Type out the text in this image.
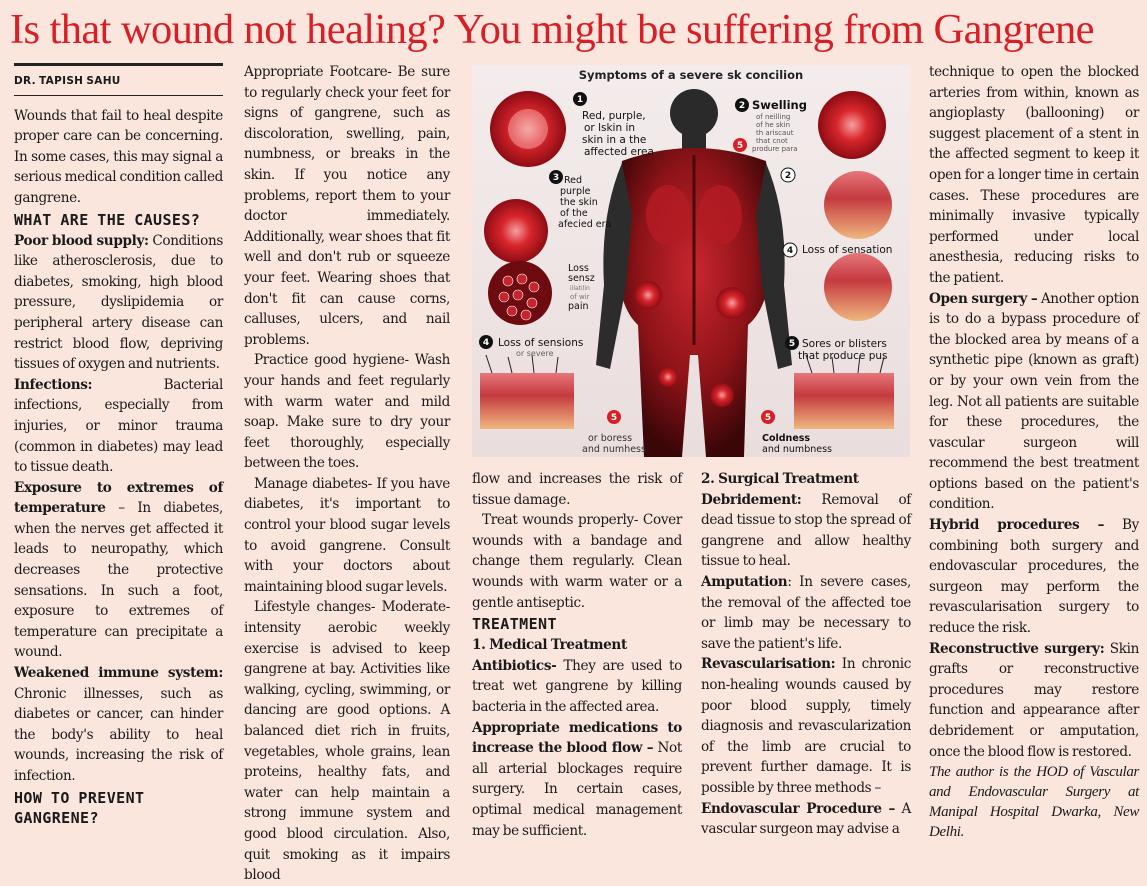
Is that wound not healing? You might be suffering from Gangrene
DR. TAPISH SAHU

Wounds that fail to heal despite proper care can be concerning. In some cases, this may signal a serious medical condition called gangrene.

WHAT ARE THE CAUSES?

Poor blood supply: Conditions like atherosclerosis, due to diabetes, smoking, high blood pressure, dyslipidemia or peripheral artery disease can restrict blood flow, depriving tissues of oxygen and nutrients.

Infections: Bacterial infections, especially from injuries, or minor trauma (common in diabetes) may lead to tissue death.

Exposure to extremes of temperature – In diabetes, when the nerves get affected it leads to neuropathy, which decreases the protective sensations. In such a foot, exposure to extremes of temperature can precipitate a wound.

Weakened immune system: Chronic illnesses, such as diabetes or cancer, can hinder the body's ability to heal wounds, increasing the risk of infection.

HOW TO PREVENT GANGRENE?

Appropriate Footcare- Be sure to regularly check your feet for signs of gangrene, such as discoloration, swelling, pain, numbness, or breaks in the skin. If you notice any problems, report them to your doctor immediately. Additionally, wear shoes that fit well and don't rub or squeeze your feet. Wearing shoes that don't fit can cause corns, calluses, ulcers, and nail problems.

Practice good hygiene- Wash your hands and feet regularly with warm water and mild soap. Make sure to dry your feet thoroughly, especially between the toes.

Manage diabetes- If you have diabetes, it's important to control your blood sugar levels to avoid gangrene. Consult with your doctors about maintaining blood sugar levels.

Lifestyle changes- Moderate-intensity aerobic weekly exercise is advised to keep gangrene at bay. Activities like walking, cycling, swimming, or dancing are good options. A balanced diet rich in fruits, vegetables, whole grains, lean proteins, healthy fats, and water can help maintain a strong immune system and good blood circulation. Also, quit smoking as it impairs blood

Symptoms of a severe sk concilion
1
2
2
3
4
4
5
5
5	5
Red, purple, or lskin in skin in a the affected erea
Swelling
of neilling of he skin th ariscaut that cnot produre para
Red purple the skin of the afecied era
Loss sensz iilatilin of wir pain
Loss of sensation
Loss of sensions or severe
Sores or blisters that produce pus
or boress and numhess
Coldness and numbness

flow and increases the risk of tissue damage.

Treat wounds properly- Cover wounds with a bandage and change them regularly. Clean wounds with warm water or a gentle antiseptic.

TREATMENT

1. Medical Treatment

Antibiotics- They are used to treat wet gangrene by killing bacteria in the affected area.

Appropriate medications to increase the blood flow – Not all arterial blockages require surgery. In certain cases, optimal medical management may be sufficient.

2. Surgical Treatment

Debridement: Removal of dead tissue to stop the spread of gangrene and allow healthy tissue to heal.

Amputation: In severe cases, the removal of the affected toe or limb may be necessary to save the patient's life.

Revascularisation: In chronic non-healing wounds caused by poor blood supply, timely diagnosis and revascularization of the limb are crucial to prevent further damage. It is possible by three methods –

Endovascular Procedure – A vascular surgeon may advise a

technique to open the blocked arteries from within, known as angioplasty (ballooning) or suggest placement of a stent in the affected segment to keep it open for a longer time in certain cases. These procedures are minimally invasive typically performed under local anesthesia, reducing risks to the patient.

Open surgery – Another option is to do a bypass procedure of the blocked area by means of a synthetic pipe (known as graft) or by your own vein from the leg. Not all patients are suitable for these procedures, the vascular surgeon will recommend the best treatment options based on the patient's condition.

Hybrid procedures – By combining both surgery and endovascular procedures, the surgeon may perform the revascularisation surgery to reduce the risk.

Reconstructive surgery: Skin grafts or reconstructive procedures may restore function and appearance after debridement or amputation, once the blood flow is restored.

The author is the HOD of Vascular and Endovascular Surgery at Manipal Hospital Dwarka, New Delhi.
